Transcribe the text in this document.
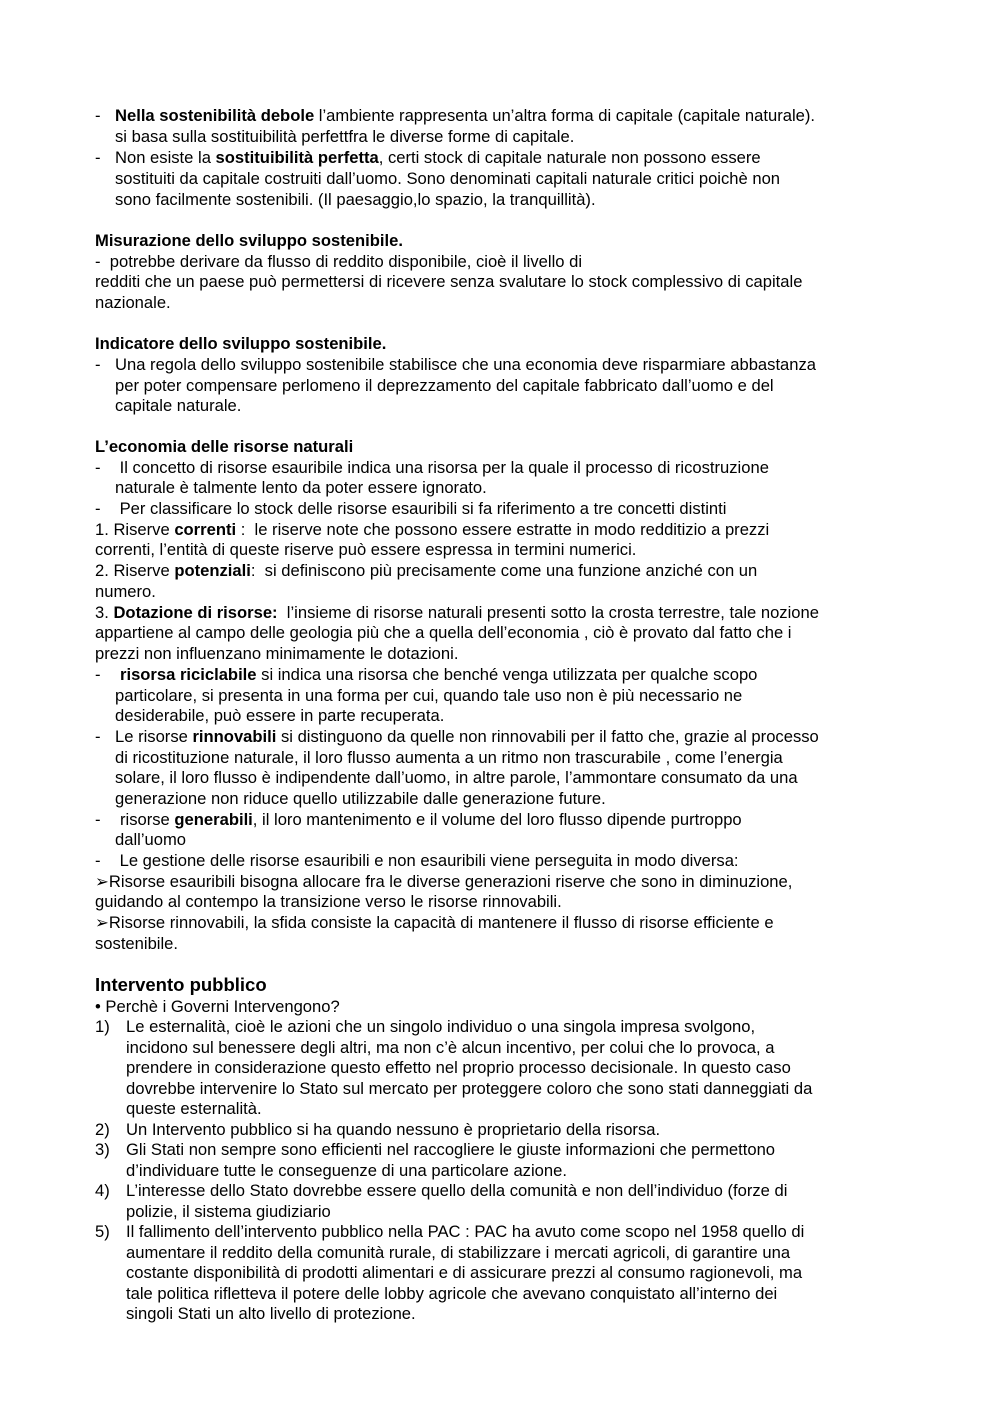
- Nella sostenibilità debole l’ambiente rappresenta un’altra forma di capitale (capitale naturale).
si basa sulla sostituibilità perfettfra le diverse forme di capitale.
- Non esiste la sostituibilità perfetta, certi stock di capitale naturale non possono essere
sostituiti da capitale costruiti dall’uomo. Sono denominati capitali naturale critici poichè non
sono facilmente sostenibili. (Il paesaggio,lo spazio, la tranquillità).
Misurazione dello sviluppo sostenibile.
-  potrebbe derivare da flusso di reddito disponibile, cioè il livello di
redditi che un paese può permettersi di ricevere senza svalutare lo stock complessivo di capitale
nazionale.
Indicatore dello sviluppo sostenibile.
- Una regola dello sviluppo sostenibile stabilisce che una economia deve risparmiare abbastanza
per poter compensare perlomeno il deprezzamento del capitale fabbricato dall’uomo e del
capitale naturale.
L’economia delle risorse naturali
- Il concetto di risorse esauribile indica una risorsa per la quale il processo di ricostruzione
naturale è talmente lento da poter essere ignorato.
- Per classificare lo stock delle risorse esauribili si fa riferimento a tre concetti distinti
1. Riserve correnti :  le riserve note che possono essere estratte in modo redditizio a prezzi
correnti, l’entità di queste riserve può essere espressa in termini numerici.
2. Riserve potenziali:  si definiscono più precisamente come una funzione anziché con un
numero.
3. Dotazione di risorse:  l’insieme di risorse naturali presenti sotto la crosta terrestre, tale nozione
appartiene al campo delle geologia più che a quella dell’economia , ciò è provato dal fatto che i
prezzi non influenzano minimamente le dotazioni.
- risorsa riciclabile si indica una risorsa che benché venga utilizzata per qualche scopo
particolare, si presenta in una forma per cui, quando tale uso non è più necessario ne
desiderabile, può essere in parte recuperata.
- Le risorse rinnovabili si distinguono da quelle non rinnovabili per il fatto che, grazie al processo
di ricostituzione naturale, il loro flusso aumenta a un ritmo non trascurabile , come l’energia
solare, il loro flusso è indipendente dall’uomo, in altre parole, l’ammontare consumato da una
generazione non riduce quello utilizzabile dalle generazione future.
- risorse generabili, il loro mantenimento e il volume del loro flusso dipende purtroppo
dall’uomo
- Le gestione delle risorse esauribili e non esauribili viene perseguita in modo diversa:
➢Risorse esauribili bisogna allocare fra le diverse generazioni riserve che sono in diminuzione,
guidando al contempo la transizione verso le risorse rinnovabili.
➢Risorse rinnovabili, la sfida consiste la capacità di mantenere il flusso di risorse efficiente e
sostenibile.
Intervento pubblico
• Perchè i Governi Intervengono?
1) Le esternalità, cioè le azioni che un singolo individuo o una singola impresa svolgono,
incidono sul benessere degli altri, ma non c’è alcun incentivo, per colui che lo provoca, a
prendere in considerazione questo effetto nel proprio processo decisionale. In questo caso
dovrebbe intervenire lo Stato sul mercato per proteggere coloro che sono stati danneggiati da
queste esternalità.
2) Un Intervento pubblico si ha quando nessuno è proprietario della risorsa.
3) Gli Stati non sempre sono efficienti nel raccogliere le giuste informazioni che permettono
d’individuare tutte le conseguenze di una particolare azione.
4) L’interesse dello Stato dovrebbe essere quello della comunità e non dell’individuo (forze di
polizie, il sistema giudiziario
5) Il fallimento dell’intervento pubblico nella PAC : PAC ha avuto come scopo nel 1958 quello di
aumentare il reddito della comunità rurale, di stabilizzare i mercati agricoli, di garantire una
costante disponibilità di prodotti alimentari e di assicurare prezzi al consumo ragionevoli, ma
tale politica rifletteva il potere delle lobby agricole che avevano conquistato all’interno dei
singoli Stati un alto livello di protezione.
